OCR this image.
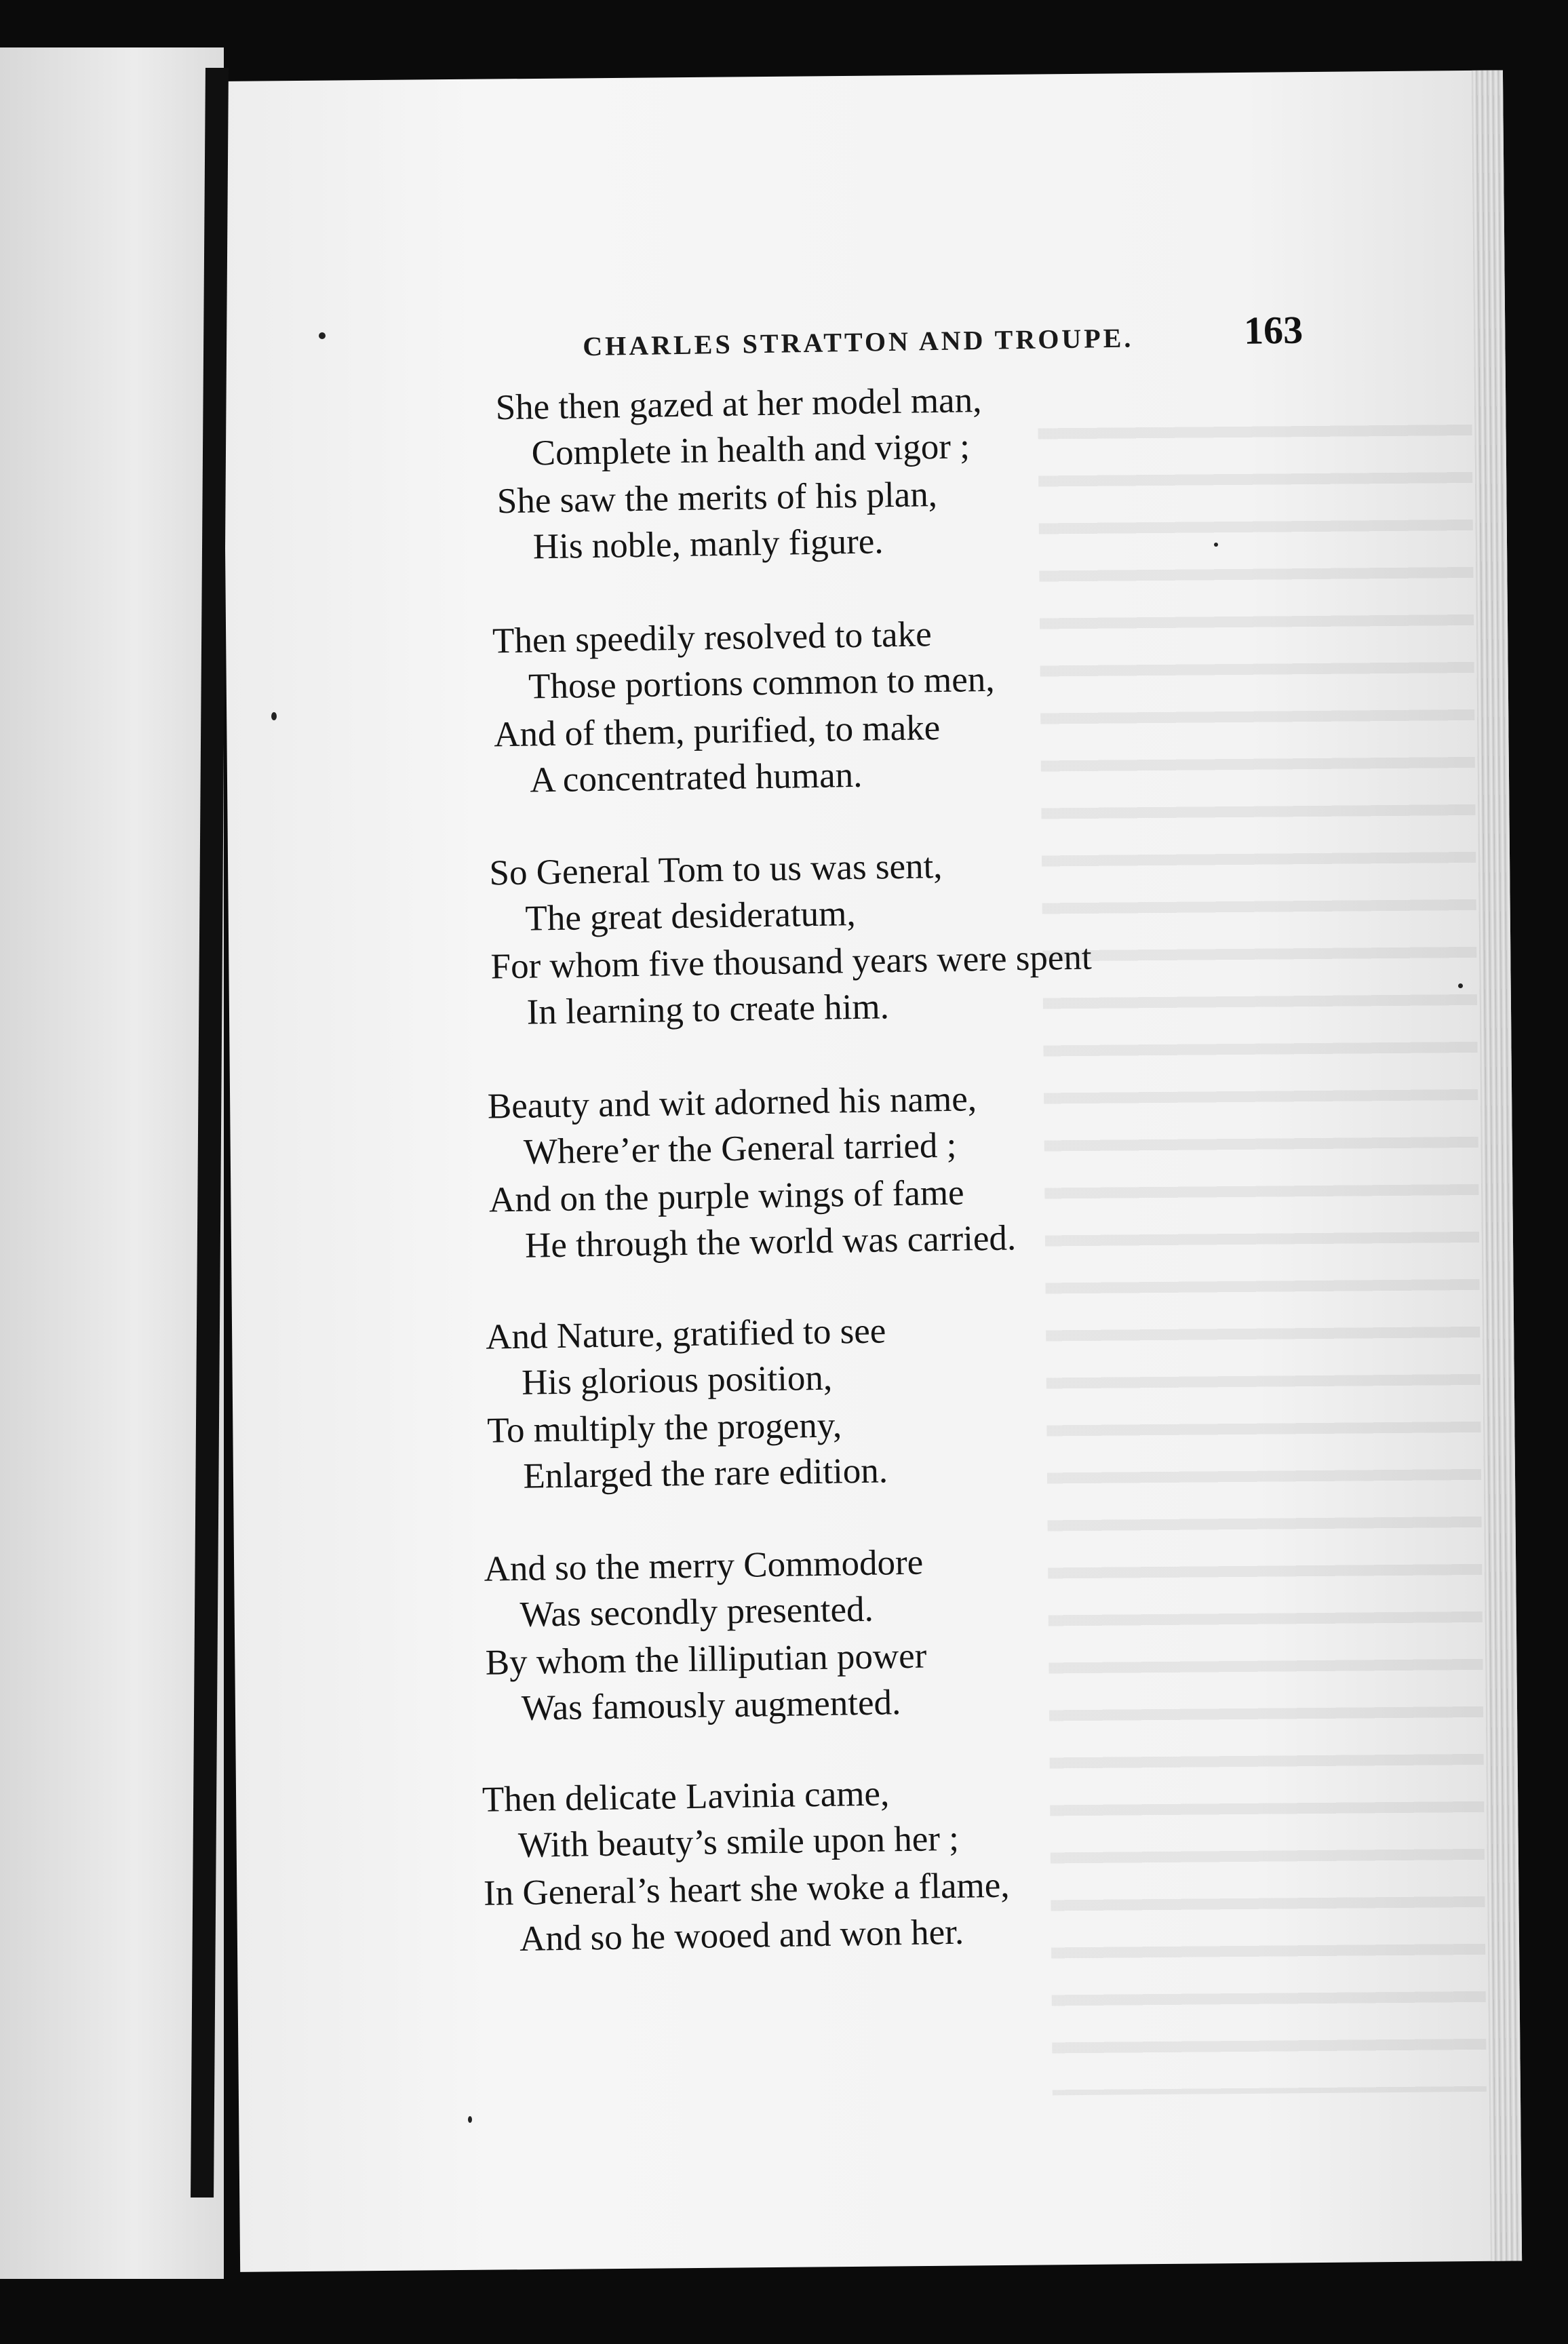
CHARLES STRATTON AND TROUPE.	163
She then gazed at her model man,
Complete in health and vigor ;
She saw the merits of his plan,
His noble, manly figure.
Then speedily resolved to take
Those portions common to men,
And of them, purified, to make
A concentrated human.
So General Tom to us was sent,
The great desideratum,
For whom five thousand years were spent
In learning to create him.
Beauty and wit adorned his name,
Where’er the General tarried ;
And on the purple wings of fame
He through the world was carried.
And Nature, gratified to see
His glorious position,
To multiply the progeny,
Enlarged the rare edition.
And so the merry Commodore
Was secondly presented.
By whom the lilliputian power
Was famously augmented.
Then delicate Lavinia came,
With beauty’s smile upon her ;
In General’s heart she woke a flame,
And so he wooed and won her.
